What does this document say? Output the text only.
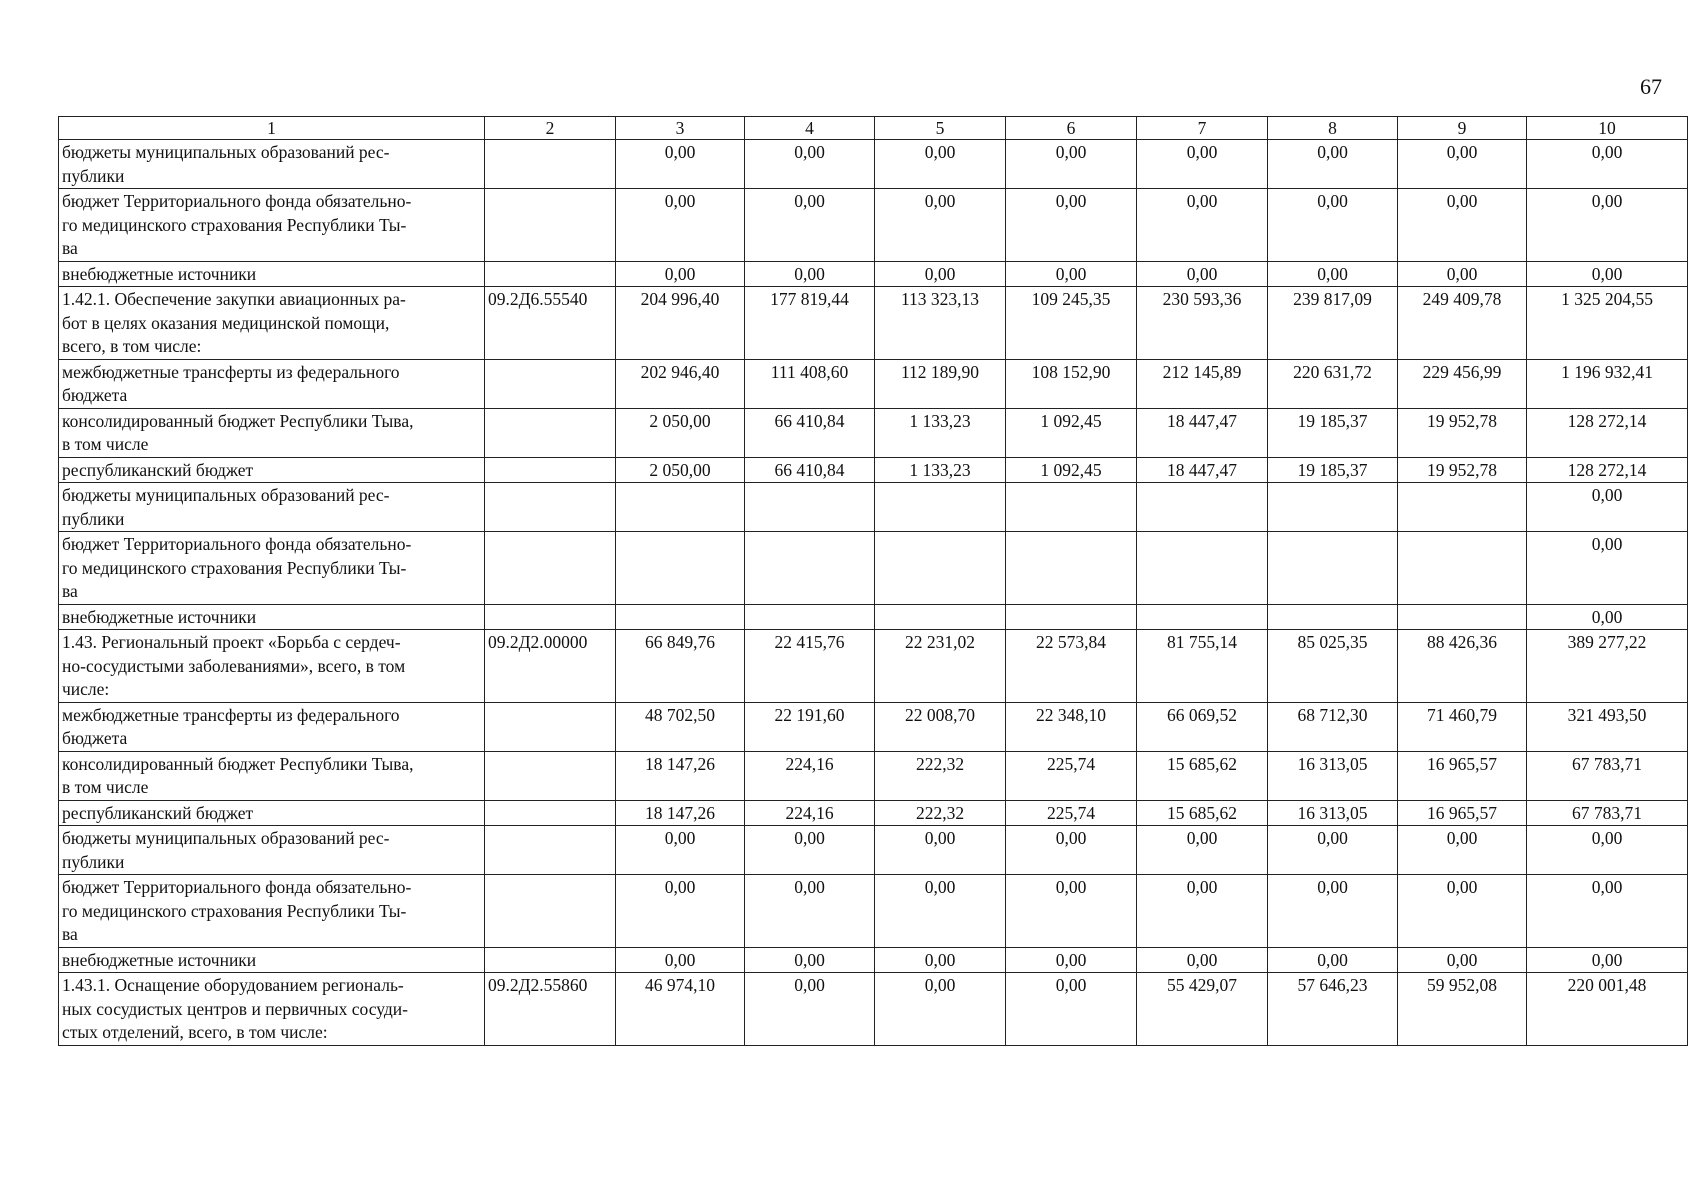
67
1	2	3	4	5	6	7	8	9	10
бюджеты муниципальных образований рес-
публики		0,00	0,00	0,00	0,00	0,00	0,00	0,00	0,00
бюджет Территориального фонда обязательно-
го медицинского страхования Республики Ты-
ва		0,00	0,00	0,00	0,00	0,00	0,00	0,00	0,00
внебюджетные источники		0,00	0,00	0,00	0,00	0,00	0,00	0,00	0,00
1.42.1. Обеспечение закупки авиационных ра-
бот в целях оказания медицинской помощи,
всего, в том числе:	09.2Д6.55540	204 996,40	177 819,44	113 323,13	109 245,35	230 593,36	239 817,09	249 409,78	1 325 204,55
межбюджетные трансферты из федерального
бюджета		202 946,40	111 408,60	112 189,90	108 152,90	212 145,89	220 631,72	229 456,99	1 196 932,41
консолидированный бюджет Республики Тыва,
в том числе		2 050,00	66 410,84	1 133,23	1 092,45	18 447,47	19 185,37	19 952,78	128 272,14
республиканский бюджет		2 050,00	66 410,84	1 133,23	1 092,45	18 447,47	19 185,37	19 952,78	128 272,14
бюджеты муниципальных образований рес-
публики									0,00
бюджет Территориального фонда обязательно-
го медицинского страхования Республики Ты-
ва									0,00
внебюджетные источники									0,00
1.43. Региональный проект «Борьба с сердеч-
но-сосудистыми заболеваниями», всего, в том
числе:	09.2Д2.00000	66 849,76	22 415,76	22 231,02	22 573,84	81 755,14	85 025,35	88 426,36	389 277,22
межбюджетные трансферты из федерального
бюджета		48 702,50	22 191,60	22 008,70	22 348,10	66 069,52	68 712,30	71 460,79	321 493,50
консолидированный бюджет Республики Тыва,
в том числе		18 147,26	224,16	222,32	225,74	15 685,62	16 313,05	16 965,57	67 783,71
республиканский бюджет		18 147,26	224,16	222,32	225,74	15 685,62	16 313,05	16 965,57	67 783,71
бюджеты муниципальных образований рес-
публики		0,00	0,00	0,00	0,00	0,00	0,00	0,00	0,00
бюджет Территориального фонда обязательно-
го медицинского страхования Республики Ты-
ва		0,00	0,00	0,00	0,00	0,00	0,00	0,00	0,00
внебюджетные источники		0,00	0,00	0,00	0,00	0,00	0,00	0,00	0,00
1.43.1. Оснащение оборудованием региональ-
ных сосудистых центров и первичных сосуди-
стых отделений, всего, в том числе:	09.2Д2.55860	46 974,10	0,00	0,00	0,00	55 429,07	57 646,23	59 952,08	220 001,48
